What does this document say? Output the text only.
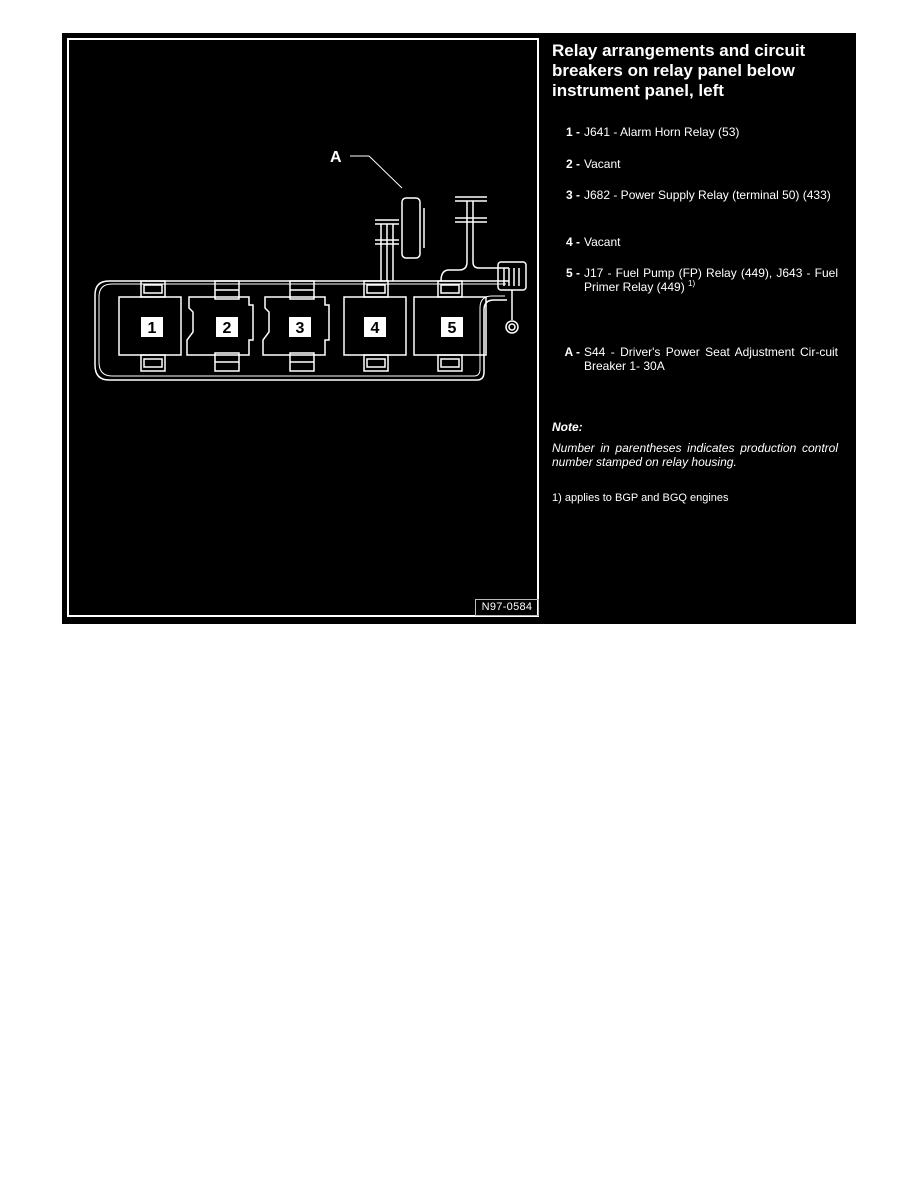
1	2	3	4	5
A
N97-0584
Relay arrangements and circuit breakers on relay panel below instrument panel, left
1 - J641 - Alarm Horn Relay (53)
2 - Vacant
3 - J682 - Power Supply Relay (terminal 50) (433)
4 - Vacant
5 - J17 - Fuel Pump (FP) Relay (449), J643 - Fuel Primer Relay (449) $^{1)}$
A - S44 - Driver's Power Seat Adjustment Cir-cuit Breaker 1- 30A
Note:
Number in parentheses indicates production control number stamped on relay housing.
1) applies to BGP and BGQ engines
